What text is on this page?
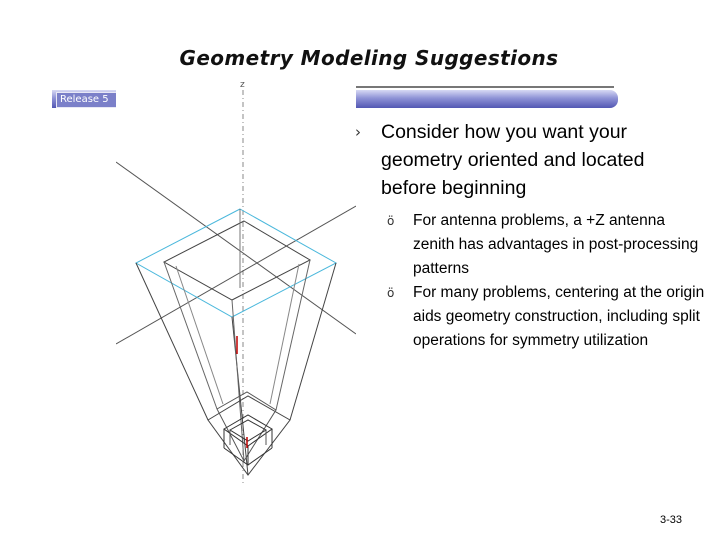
Geometry Modeling Suggestions
Release 5
z
› Consider how you want your geometry oriented and located before beginning
ö For antenna problems, a +Z antenna zenith has advantages in post-processing patterns
ö For many problems, centering at the origin aids geometry construction, including split operations for symmetry utilization
3-33
